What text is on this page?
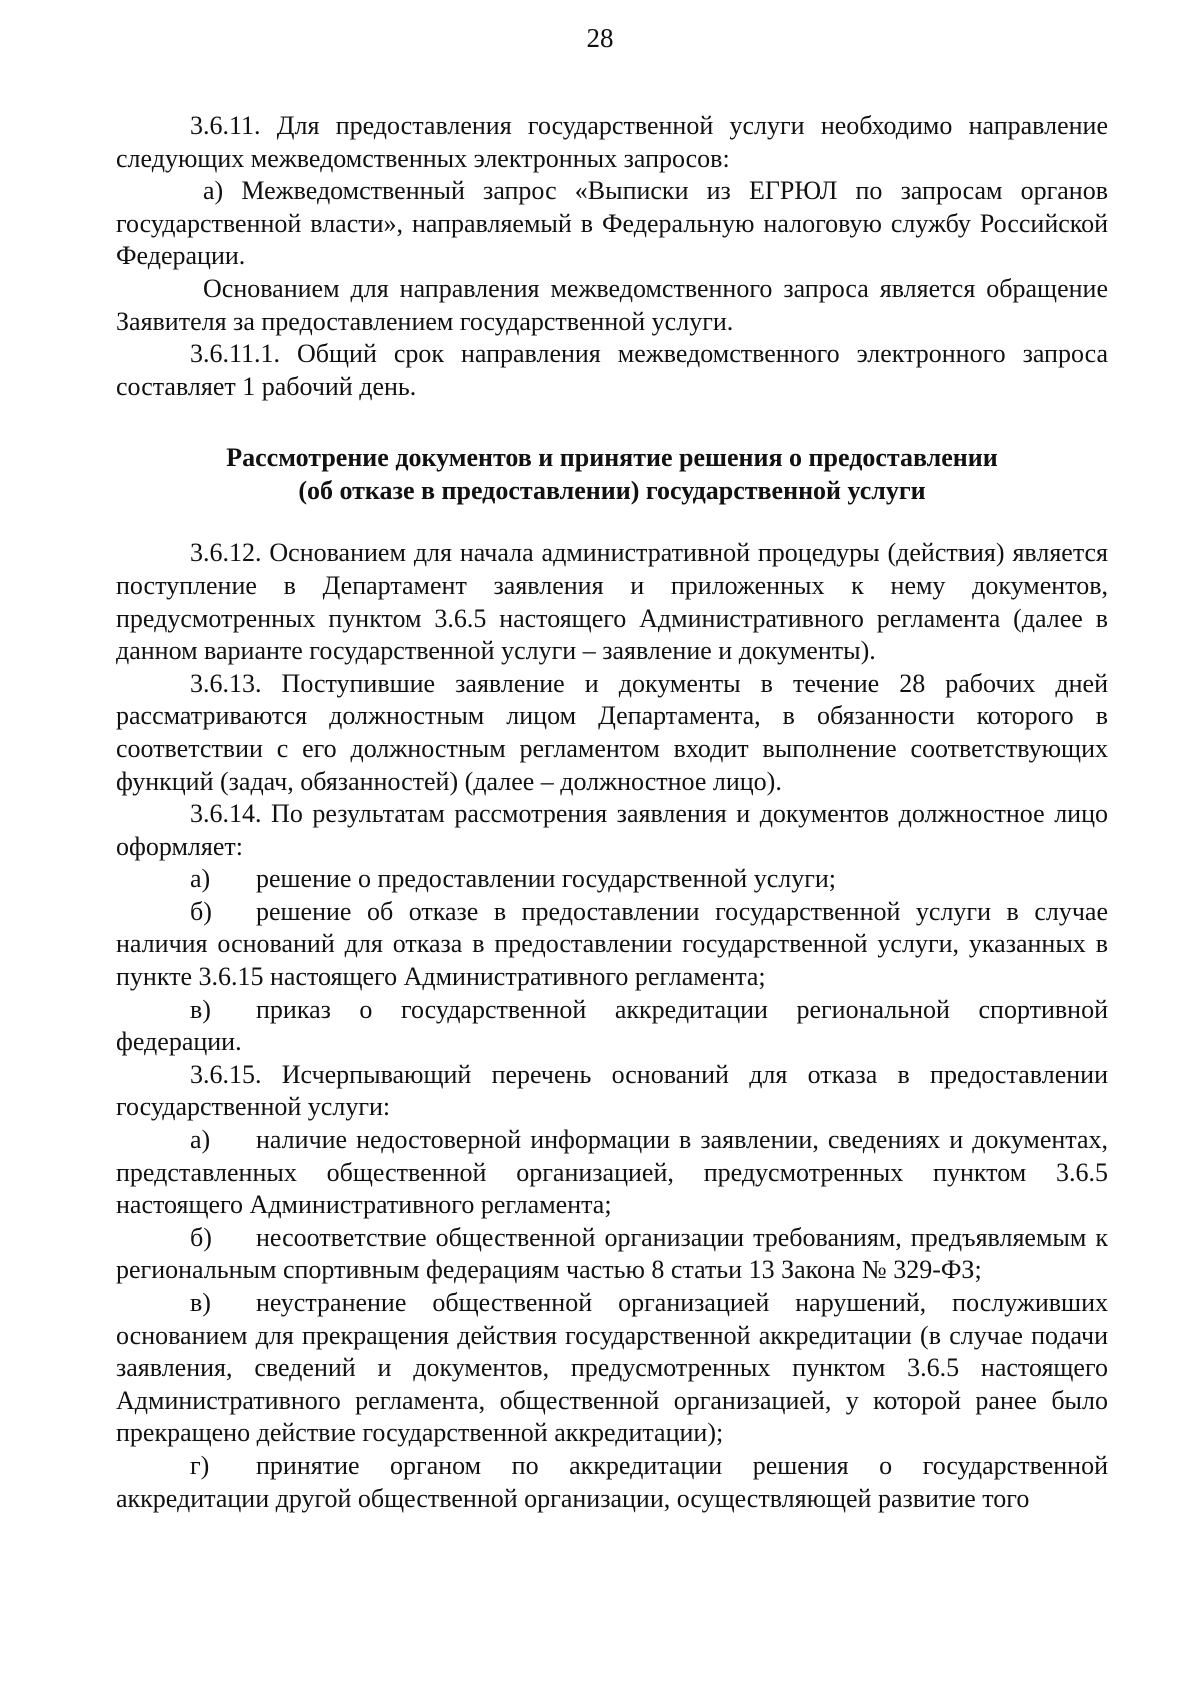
28

3.6.11. Для предоставления государственной услуги необходимо направление следующих межведомственных электронных запросов:

а) Межведомственный запрос «Выписки из ЕГРЮЛ по запросам органов государственной власти», направляемый в Федеральную налоговую службу Российской Федерации.

Основанием для направления межведомственного запроса является обращение Заявителя за предоставлением государственной услуги.

3.6.11.1. Общий срок направления межведомственного электронного запроса составляет 1 рабочий день.

Рассмотрение документов и принятие решения о предоставлении
(об отказе в предоставлении) государственной услуги

3.6.12. Основанием для начала административной процедуры (действия) является поступление в Департамент заявления и приложенных к нему документов, предусмотренных пунктом 3.6.5 настоящего Административного регламента (далее в данном варианте государственной услуги – заявление и документы).

3.6.13. Поступившие заявление и документы в течение 28 рабочих дней рассматриваются должностным лицом Департамента, в обязанности которого в соответствии с его должностным регламентом входит выполнение соответствующих функций (задач, обязанностей) (далее – должностное лицо).

3.6.14. По результатам рассмотрения заявления и документов должностное лицо оформляет:

а) решение о предоставлении государственной услуги;

б) решение об отказе в предоставлении государственной услуги в случае наличия оснований для отказа в предоставлении государственной услуги, указанных в пункте 3.6.15 настоящего Административного регламента;

в) приказ о государственной аккредитации региональной спортивной федерации.

3.6.15. Исчерпывающий перечень оснований для отказа в предоставлении государственной услуги:

а) наличие недостоверной информации в заявлении, сведениях и документах, представленных общественной организацией, предусмотренных пунктом 3.6.5 настоящего Административного регламента;

б) несоответствие общественной организации требованиям, предъявляемым к региональным спортивным федерациям частью 8 статьи 13 Закона № 329-ФЗ;

в) неустранение общественной организацией нарушений, послуживших основанием для прекращения действия государственной аккредитации (в случае подачи заявления, сведений и документов, предусмотренных пунктом 3.6.5 настоящего Административного регламента, общественной организацией, у которой ранее было прекращено действие государственной аккредитации);

г) принятие органом по аккредитации решения о государственной аккредитации другой общественной организации, осуществляющей развитие того
